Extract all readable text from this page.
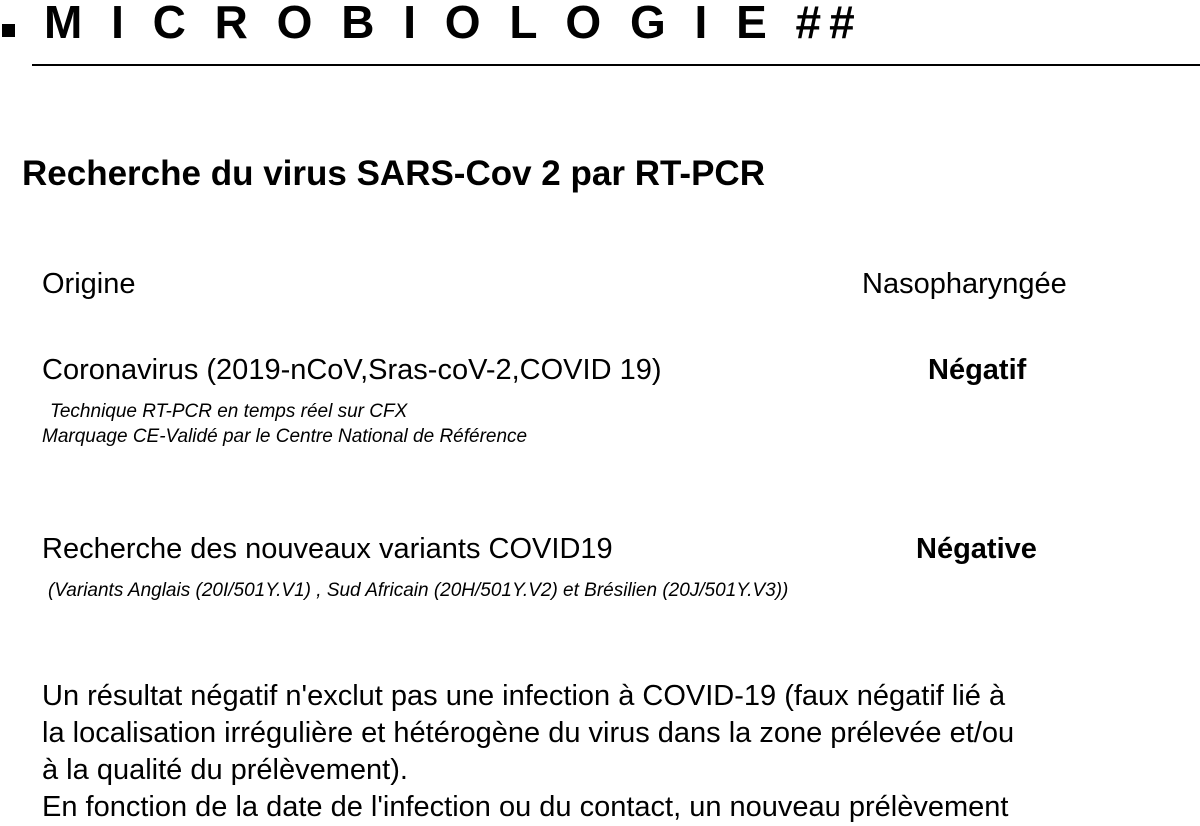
M I C R O B I O L O G I E ##
Recherche du virus SARS-Cov 2 par RT-PCR
Origine	Nasopharyngée
Coronavirus (2019-nCoV,Sras-coV-2,COVID 19)	Négatif
Technique RT-PCR en temps réel sur CFX
Marquage CE-Validé par le Centre National de Référence
Recherche des nouveaux variants COVID19	Négative
(Variants Anglais (20I/501Y.V1) , Sud Africain (20H/501Y.V2) et Brésilien (20J/501Y.V3))

Un résultat négatif n'exclut pas une infection à COVID-19 (faux négatif lié à

la localisation irrégulière et hétérogène du virus dans la zone prélevée et/ou

à la qualité du prélèvement).

En fonction de la date de l'infection ou du contact, un nouveau prélèvement
